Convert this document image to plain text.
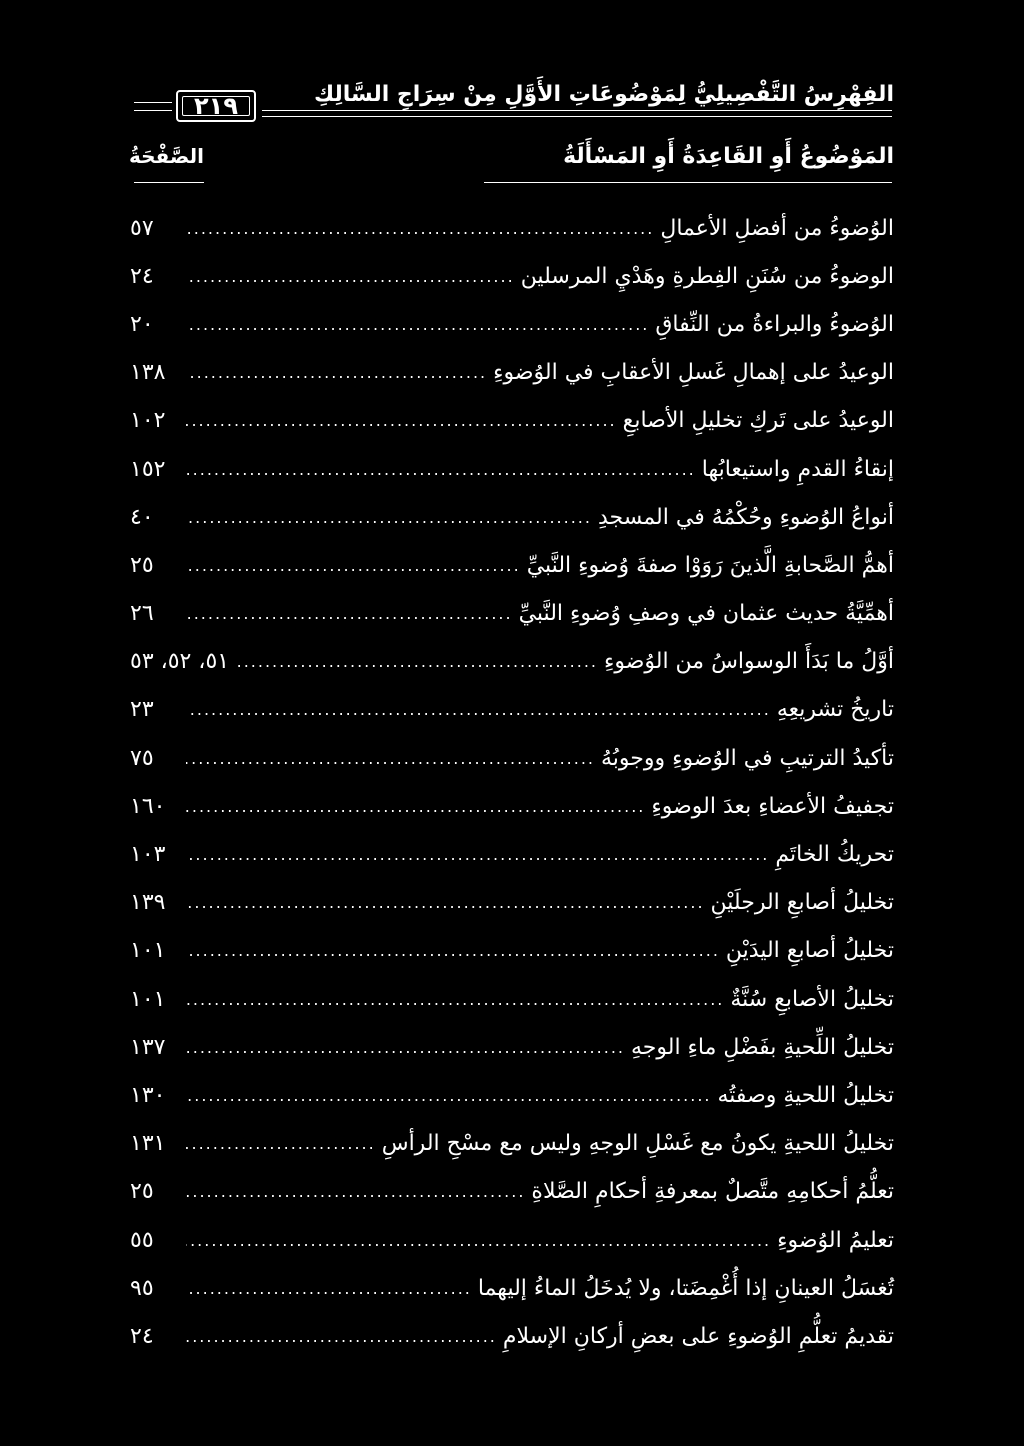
٢١٩	الفِهْرِسُ التَّفْصِيلِيُّ لِمَوْضُوعَاتِ الأَوَّلِ مِنْ سِرَاجِ السَّالِكِ
المَوْضُوعُ أَوِ القَاعِدَةُ أَوِ المَسْأَلَةُ
الصَّفْحَةُ
الوُضوءُ من أفضلِ الأعمالِ
.....
٥٧
الوضوءُ من سُنَنِ الفِطرةِ وهَدْيِ المرسلين
.....
٢٤
الوُضوءُ والبراءةُ من النِّفاقِ
.....
٢٠
الوعيدُ على إهمالِ غَسلِ الأعقابِ في الوُضوءِ
.....
١٣٨
الوعيدُ على تَركِ تخليلِ الأصابعِ
.....
١٠٢
إنقاءُ القدمِ واستيعابُها
.....
١٥٢
أنواعُ الوُضوءِ وحُكْمُهُ في المسجدِ
.....
٤٠
أهمُّ الصَّحابةِ الَّذينَ رَوَوْا صفةَ وُضوءِ النَّبيِّ
.....
٢٥
أهمِّيَّةُ حديث عثمان في وصفِ وُضوءِ النَّبيِّ
.....
٢٦
أوَّلُ ما بَدَأَ الوسواسُ من الوُضوءِ
.....
٥١، ٥٢، ٥٣
تاريخُ تشريعِهِ
.....
٢٣
تأكيدُ الترتيبِ في الوُضوءِ ووجوبُهُ
.....
٧٥
تجفيفُ الأعضاءِ بعدَ الوضوءِ
.....
١٦٠
تحريكُ الخاتَمِ
.....
١٠٣
تخليلُ أصابعِ الرجلَيْنِ
.....
١٣٩
تخليلُ أصابعِ اليدَيْنِ
.....
١٠١
تخليلُ الأصابعِ سُنَّةٌ
.....
١٠١
تخليلُ اللِّحيةِ بفَضْلِ ماءِ الوجهِ
.....
١٣٧
تخليلُ اللحيةِ وصفتُه
.....
١٣٠
تخليلُ اللحيةِ يكونُ مع غَسْلِ الوجهِ وليس مع مسْحِ الرأسِ
.....
١٣١
تعلُّمُ أحكامِهِ متَّصلٌ بمعرفةِ أحكامِ الصَّلاةِ
.....
٢٥
تعليمُ الوُضوءِ
.....
٥٥
تُغسَلُ العينانِ إذا أُغْمِضَتا، ولا يُدخَلُ الماءُ إليهما
.....
٩٥
تقديمُ تعلُّمِ الوُضوءِ على بعضِ أركانِ الإسلامِ
.....
٢٤
